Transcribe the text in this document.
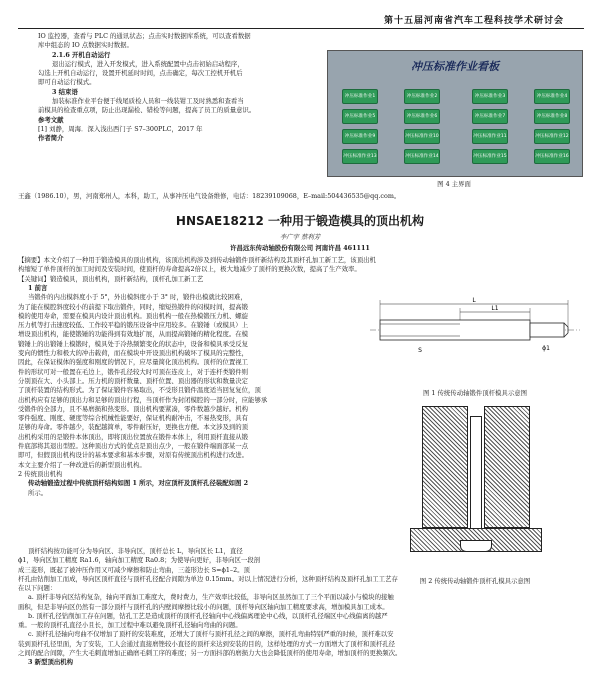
第十五届河南省汽车工程科技学术研讨会
IO 监控器，查看与 PLC 的通讯状态；点击实时数据库系统，可以查看数据
库中组态的 IO 点数据实时数据。
2.1.6 开机自动运行
退出运行模式，进入开发模式，进入系统配置中点击初始启动程序，
勾选上开机自动运行，设置开机延时时间，点击确定，每次工控机开机后
即可自动运行模式。
3 结束语
加装标准作业平台便于线尾质检人员和一线装钳工及时熟悉和查看当
前模具的检查重点项，防止出现漏检、错检等问题，提高了员工的质量意识。
参考文献
[1] 刘静，周海．深入浅出西门子 S7–300PLC，2017 年
作者简介
王鑫（1986.10），男，河南郑州人，本科，助工，从事冲压电气设备维修，电话：18239109068，E–mail:504436535@qq.com。
冲压标准作业看板
冲压标准作业1	冲压标准作业2	冲压标准作业3	冲压标准作业4
冲压标准作业5	冲压标准作业6	冲压标准作业7	冲压标准作业8
冲压标准作业9	冲压标准作业10	冲压标准作业11	冲压标准作业12
冲压标准作业13	冲压标准作业14	冲压标准作业15	冲压标准作业16
图 4 主界面
HNSAE18212 一种用于锻造模具的顶出机构
李广宇 蔡利芳
许昌远东传动轴股份有限公司 河南许昌 461111
【摘要】本文介绍了一种用于锻造模具的顶出机构，该顶出机构涉及到传动轴锻件顶杆新结构及其顶杆孔加工新工艺，该顶出机
构缩短了单件顶杆的加工时间及安装时间，使顶杆的寿命提高2倍以上，极大地减少了顶杆的更换次数，提高了生产效率。
【关键词】锻造模具，顶出机构，顶杆新结构，顶杆孔加工新工艺
1 前言
当锻件的内出模斜度小于 5°，外出模斜度小于 3° 时，锻件出模就比较困难，
为了能在模腔斜度较小的前提下取出锻件，同时，缩短热锻件的闷模时间，提高锻
模的使用寿命，需要在模具内设计顶出机构。顶出机构一般在热模锻压力机、螺旋
压力机等打击速度较低、工作较平稳的锻压设备中应用较多。在锻锤（或模具）上
增设顶出机构，能使锻锤的功能得到有效地扩展，从而提高锻锤的精化程度。在模
锻锤上的出锻锤上模锻时，模具处于冷热频繁变化的状态中，设备和模具承受反复
变向的惯性力和极大的冲击载荷，而在模块中开设顶出机构破坏了模具的完整性，
因此，在保证模体的强度和刚度的情况下，应尽量简化顶出机构。顶杆的位置视工
件的形状可对一般置在毛边上，锻件孔径较大时可顶在连皮上，对于连杆类锻件则
分别顶在大、小头部上。压力机的顶杆数量、顶杆位置、顶出器的形状和数量决定
了顶杆装置的结构形式。为了保证锻件容易取出，不受形且锻件温度适当回复复位，顶
出机构应有足够的顶出力和足够的顶出行程，当顶杆作为封闭模腔的一部分时，应能够承
受锻件的全部力，且不易磨损和热变形。顶出机构要紧凑，零件数越少越好。机构
零件强度、刚度、硬度等综合机械性能要好，保证机构耐冲击，不易热变形，具有
足够的寿命。零件越少，装配越简单，零件耐压好，更换也方便。本文涉及到的顶
出机构采用的是锻件本体顶出，即将顶出位置放在锻件本体上，利用顶杆直接从锻
件底部将其退出型腔。这种顶出方式的优点是顶出点少，一般在锻件端面部某一点
即可，但假顶出机构设计的基本要求和基本步骤，对原有传统顶出机构进行改进。
本文主要介绍了一种改进后的新型顶出机构。
2 传统顶出机构
传动轴锻造过程中传统顶杆结构如图 1 所示，对应顶杆及顶杆孔径装配如图 2
所示。
顶杆结构按功能可分为导向区、非导向区，顶杆总长 L，导向区长 L1，直径
ϕ1，导向区加工精度 Ra1.6，轴向加工精度 Ra0.8；为使导向更好，非导向区一段剖
成三菱形，既起了被冲压作用又可减少摩擦和防止弯曲，三菱形边长 S=ϕ1–2。顶
杆孔由钻削加工而成，导向区顶杆直径与顶杆孔径配合间隙为单边 0.15mm。对以上情况进行分析，这种顶杆结构及顶杆孔加工工艺存
在以下问题：
a. 顶杆非导向区结构复杂，轴向平面加工难度大，费时费力，生产效率比较低，非导向区虽然加工了三个平面以减小与模块的接触
面积，但是非导向区仍然有一部分顶杆与顶杆孔的内壁间摩擦比较小的问题，顶杆导向区轴向加工精度要求高，增加模具加工成本。
b. 顶杆孔径钻削加工存在问题，钻孔工艺是造成顶杆的顶杆孔径轴向中心线偏离理论中心线，以顶杆孔径端区中心线偏离的越严
重。一般的顶杆孔直径小且长，加工过程中难以避免顶杆孔径轴向弯曲的问题。
c. 顶杆孔径轴向弯曲不仅增加了顶杆的安装难度，还增大了顶杆与顶杆孔径之间的摩擦，顶杆孔弯曲特别严重的时候，顶杆难以安
装到顶杆孔径里面，为了安装，工人会通过直接磨锉较小直径的顶杆来达到安装的目的，这样处理的方式一方面增大了顶杆和顶杆孔径
之间的配合间隙，产生大毛刺直增加正确磨毛刺工序的难度；另一方面抖部的磨损力大也会降低顶杆的使用寿命，增加顶杆的更换频次。
3 新型顶出机构
L
L1
ϕ1
S
图 1 传统传动轴锻件顶杆模具示意图
图 2 传统传动轴锻件顶杆孔模具示意图
